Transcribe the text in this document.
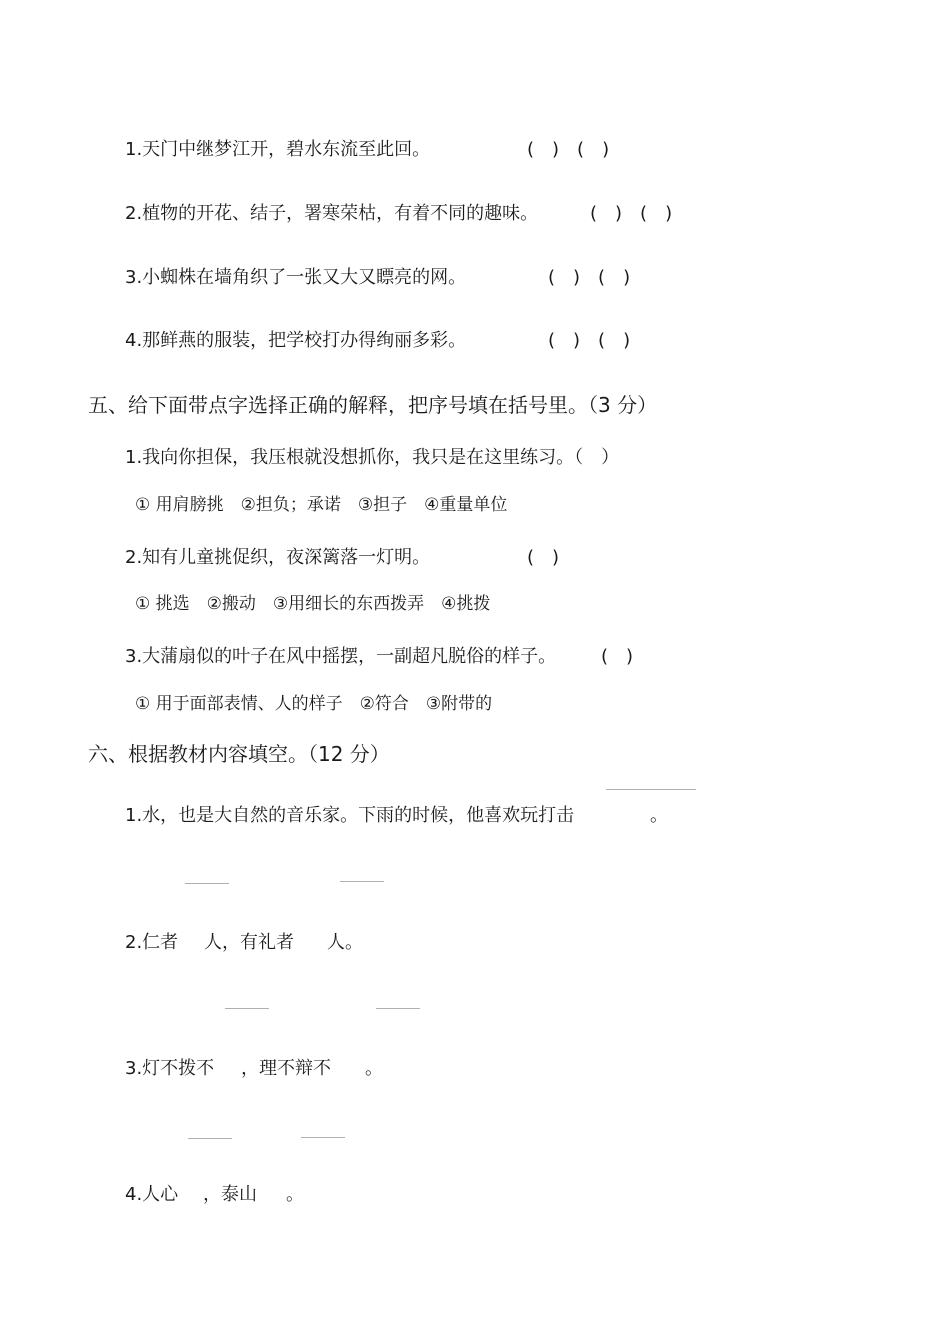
1.天门中继梦江开，碧水东流至此回。	(　)　(　)
2.植物的开花、结子，署寒荣枯，有着不同的趣味。	(　)　(　)
3.小蜘株在墙角织了一张又大又瞟亮的网。	(　)　(　)
4.那鲜燕的服装，把学校打办得绚丽多彩。	(　)　(　)
五、给下面带点字选择正确的解释，把序号填在括号里。（3 分）
1.我向你担保，我压根就没想抓你，我只是在这里练习。（　）
① 用肩膀挑　②担负；承诺　③担子　④重量单位
2.知有儿童挑促织，夜深篱落一灯明。	(　)
① 挑选　②搬动　③用细长的东西拨弄　④挑拨
3.大蒲扇似的叶子在风中摇摆，一副超凡脱俗的样子。 (　)
① 用于面部表情、人的样子　②符合　③附带的
六、根据教材内容填空。（12 分）
1.水，也是大自然的音乐家。下雨的时候，他喜欢玩打击	。
2.仁者 人，有礼者 人。
3.灯不拨不 ，理不辩不 。
4.人心 ，泰山 。
